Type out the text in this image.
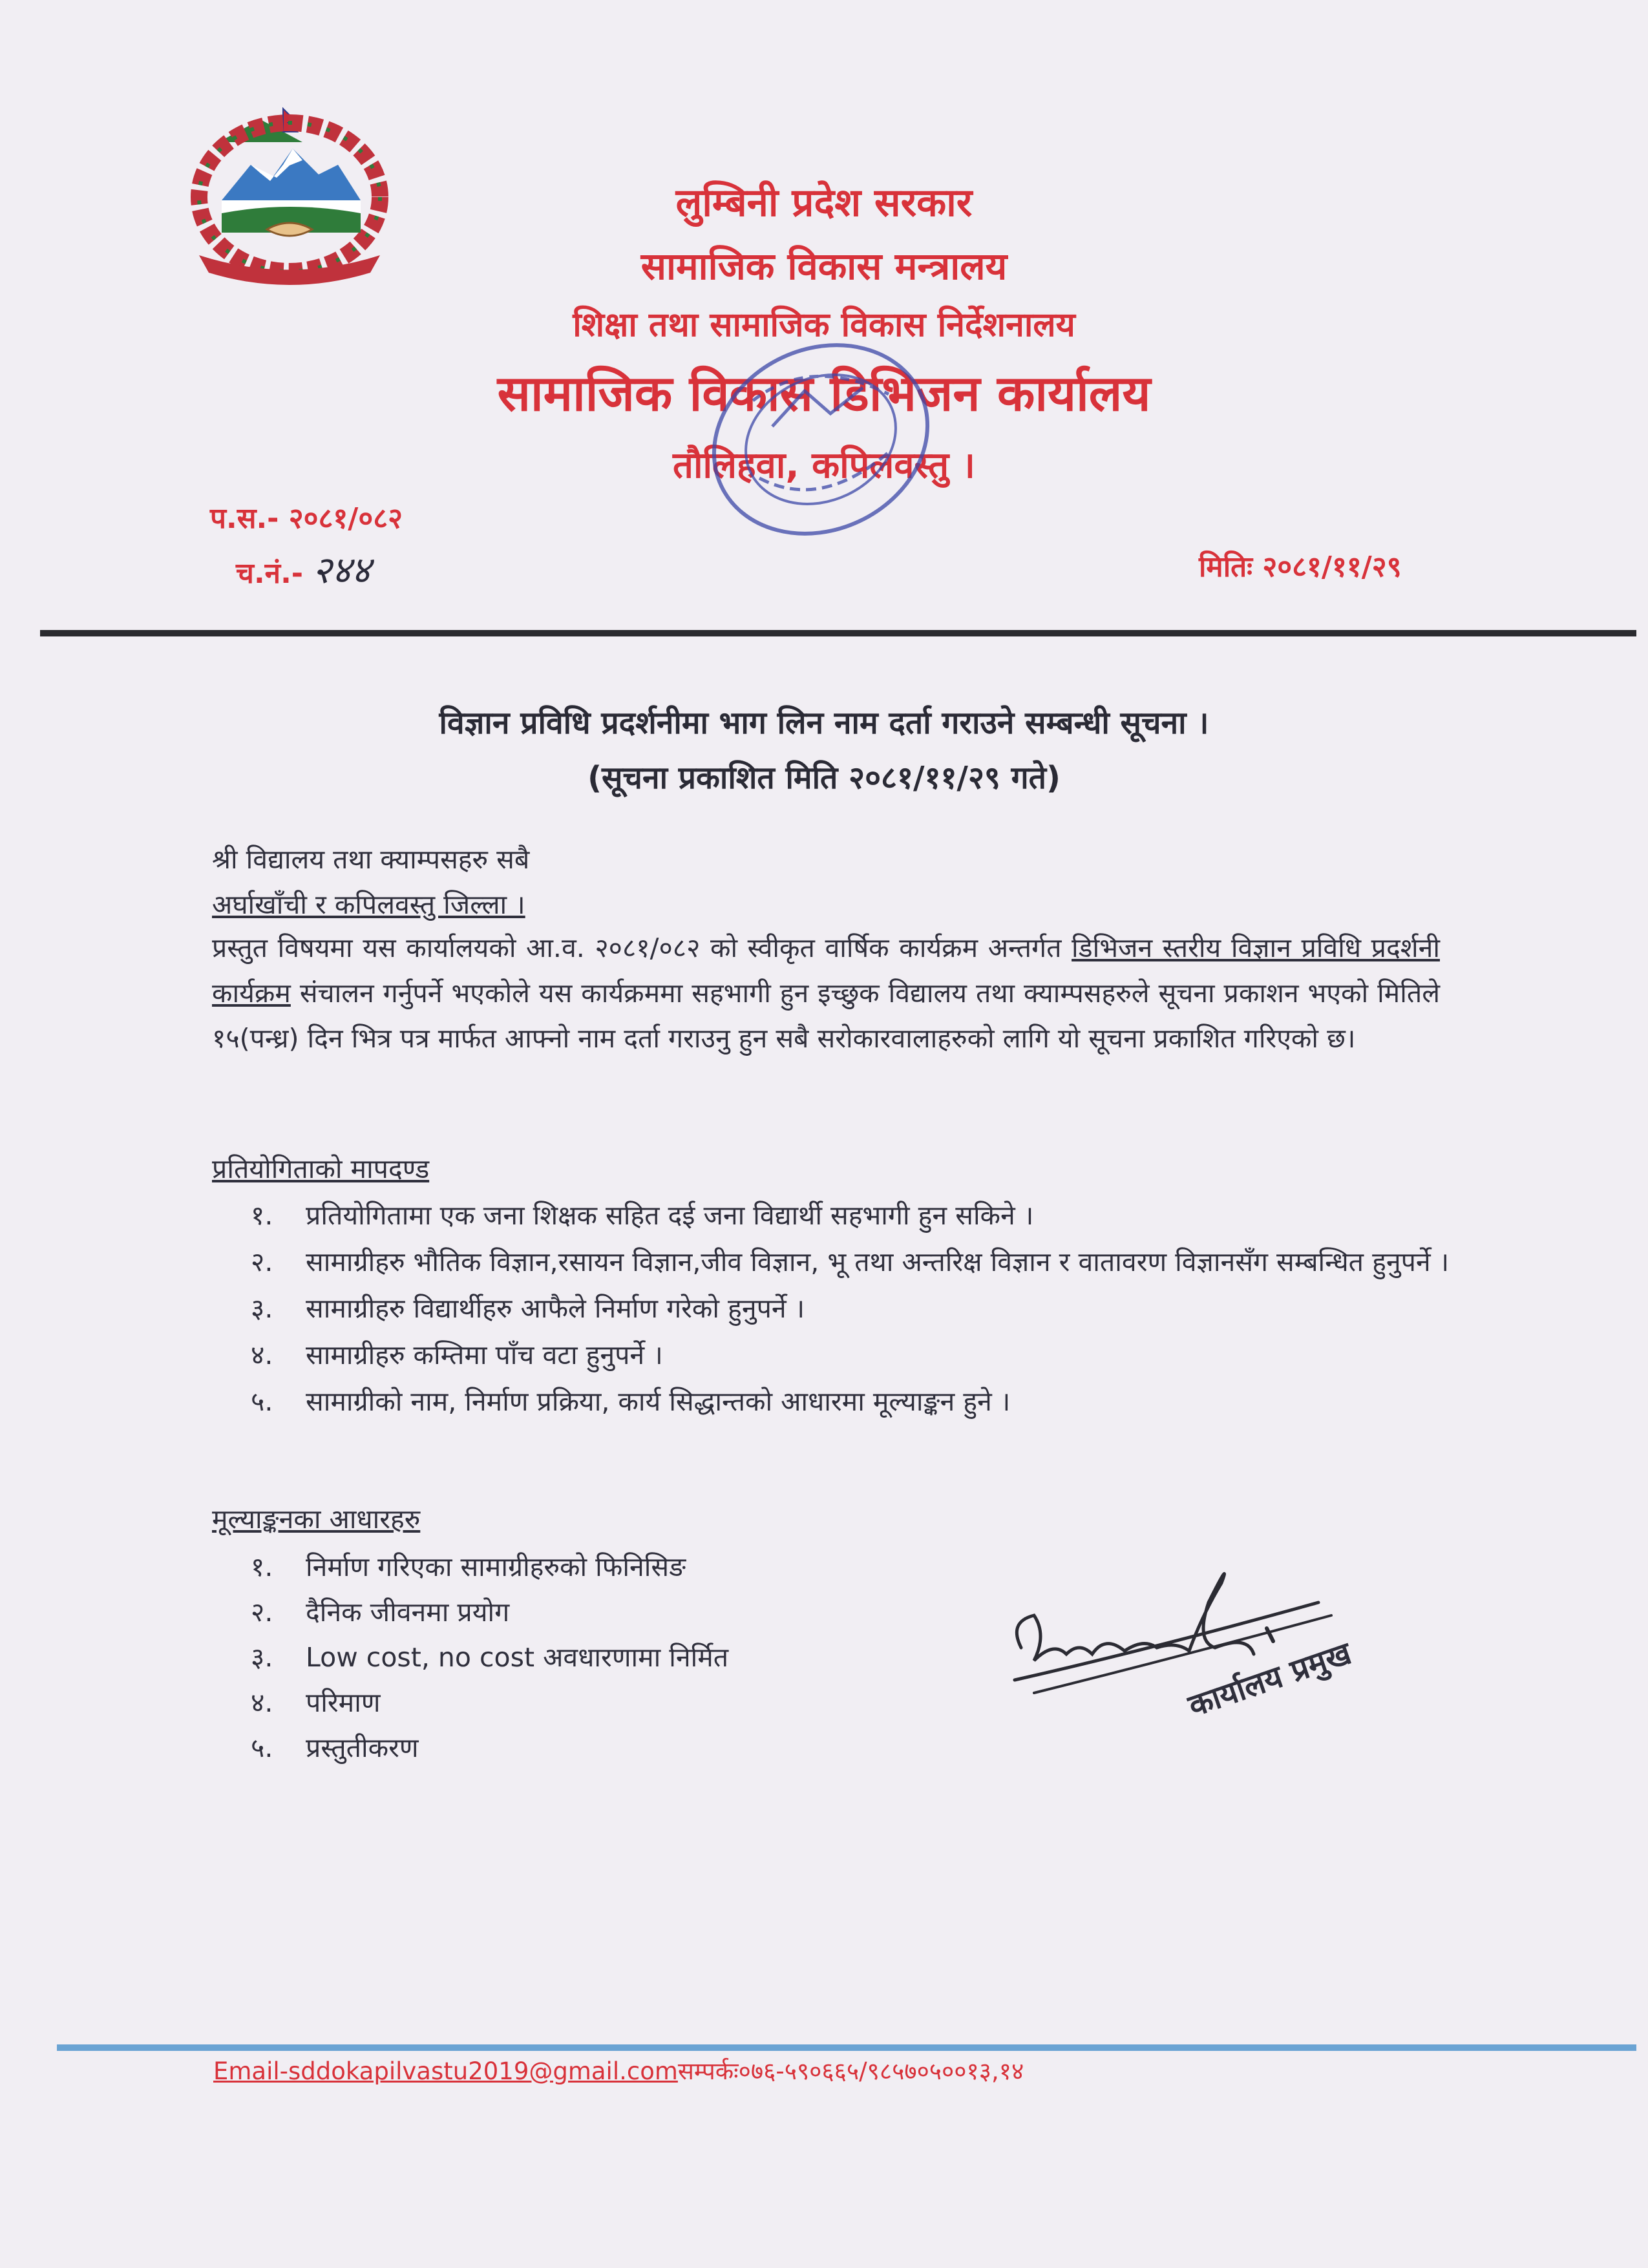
लुम्बिनी प्रदेश सरकार
सामाजिक विकास मन्त्रालय
शिक्षा तथा सामाजिक विकास निर्देशनालय
सामाजिक विकास डिभिजन कार्यालय
तौलिहवा, कपिलवस्तु ।
प.स.- २०८१/०८२
च.नं.- २४४	मितिः २०८१/११/२९
विज्ञान प्रविधि प्रदर्शनीमा भाग लिन नाम दर्ता गराउने सम्बन्धी सूचना ।
(सूचना प्रकाशित मिति २०८१/११/२९ गते)
श्री विद्यालय तथा क्याम्पसहरु सबै
अर्घाखाँची र कपिलवस्तु जिल्ला ।
प्रस्तुत विषयमा यस कार्यालयको आ.व. २०८१/०८२ को स्वीकृत वार्षिक कार्यक्रम अन्तर्गत डिभिजन स्तरीय विज्ञान प्रविधि प्रदर्शनी कार्यक्रम संचालन गर्नुपर्ने भएकोले यस कार्यक्रममा सहभागी हुन इच्छुक विद्यालय तथा क्याम्पसहरुले सूचना प्रकाशन भएको मितिले १५(पन्ध्र) दिन भित्र पत्र मार्फत आफ्नो नाम दर्ता गराउनु हुन सबै सरोकारवालाहरुको लागि यो सूचना प्रकाशित गरिएको छ।
प्रतियोगिताको मापदण्ड
१.	प्रतियोगितामा एक जना शिक्षक सहित दई जना विद्यार्थी सहभागी हुन सकिने ।
२.	सामाग्रीहरु भौतिक विज्ञान,रसायन विज्ञान,जीव विज्ञान, भू तथा अन्तरिक्ष विज्ञान र वातावरण विज्ञानसँग सम्बन्धित हुनुपर्ने ।
३.	सामाग्रीहरु विद्यार्थीहरु आफैले निर्माण गरेको हुनुपर्ने ।
४.	सामाग्रीहरु कम्तिमा पाँच वटा हुनुपर्ने ।
५.	सामाग्रीको नाम, निर्माण प्रक्रिया, कार्य सिद्धान्तको आधारमा मूल्याङ्कन हुने ।
मूल्याङ्कनका आधारहरु
१.	निर्माण गरिएका सामाग्रीहरुको फिनिसिङ
२.	दैनिक जीवनमा प्रयोग
३.	Low cost, no cost अवधारणामा निर्मित
४.	परिमाण
५.	प्रस्तुतीकरण
कार्यालय प्रमुख
Email-sddokapilvastu2019@gmail.comसम्पर्कः०७६-५९०६६५/९८५७०५००१३,१४
